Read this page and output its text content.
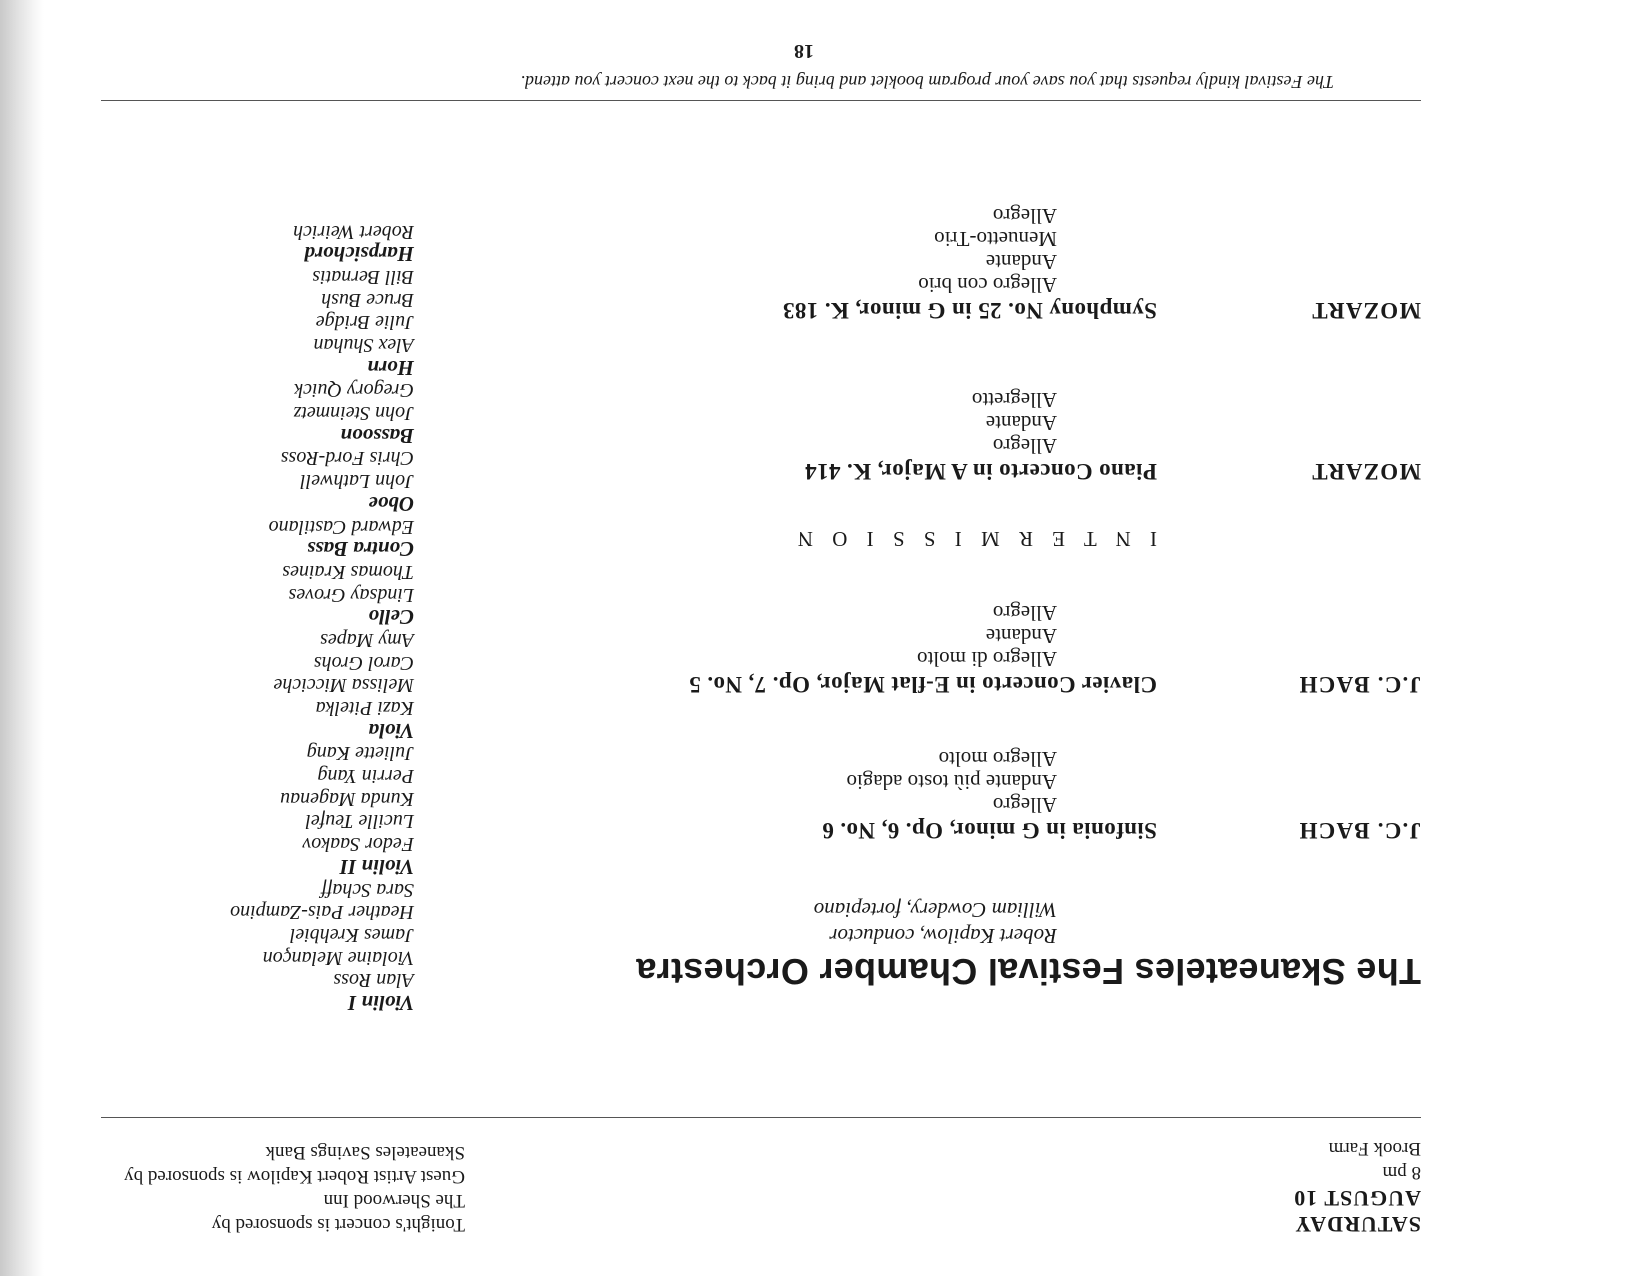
SATURDAY
AUGUST 10
8 pm
Brook Farm
Tonight's concert is sponsored by
The Sherwood Inn
Guest Artist Robert Kapilow is sponsored by
Skaneateles Savings Bank
The Skaneateles Festival Chamber Orchestra
Robert Kapilow, conductor
William Cowdery, fortepiano
J.C. BACH
Sinfonia in G minor, Op. 6, No. 6
Allegro
Andante più tosto adagio
Allegro molto
J.C. BACH
Clavier Concerto in E-flat Major, Op. 7, No. 5
Allegro di molto
Andante
Allegro
I N T E R M I S S I O N
MOZART
Piano Concerto in A Major, K. 414
Allegro
Andante
Allegretto
MOZART
Symphony No. 25 in G minor, K. 183
Allegro con brio
Andante
Menuetto-Trio
Allegro
Violin I
Alan Ross
Violaine Melançon
James Krehbiel
Heather Pais-Zampino
Sara Schaff
Violin II
Fedor Saakov
Lucille Teufel
Kunda Magenau
Perrin Yang
Juliette Kang
Viola
Kazi Pitelka
Melissa Micciche
Carol Grohs
Amy Mapes
Cello
Lindsay Groves
Thomas Kraines
Contra Bass
Edward Castilano
Oboe
John Lathwell
Chris Ford-Ross
Bassoon
John Steinmetz
Gregory Quick
Horn
Alex Shuhan
Julie Bridge
Bruce Bush
Bill Bernatis
Harpsichord
Robert Weirich
The Festival kindly requests that you save your program booklet and bring it back to the next concert you attend.
18
